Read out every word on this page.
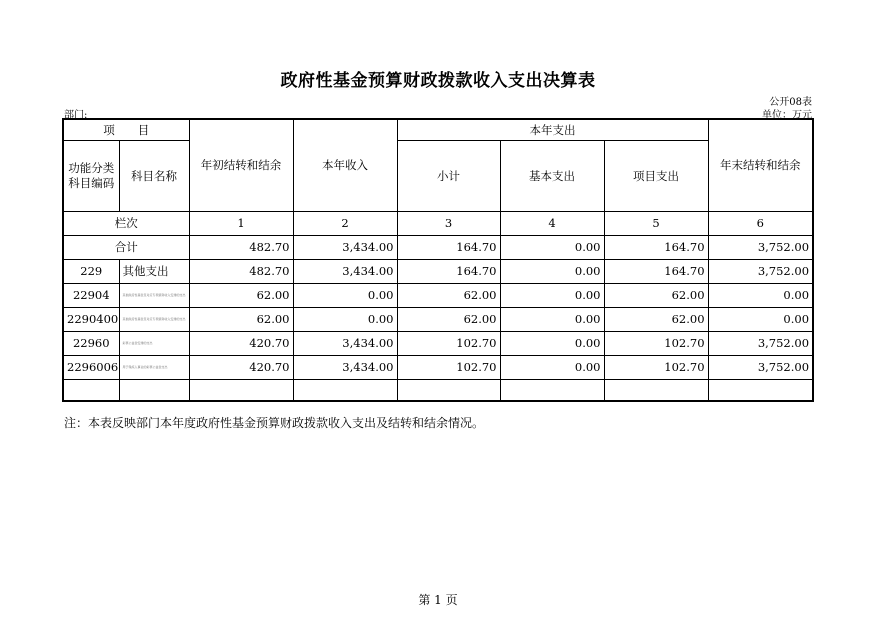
政府性基金预算财政拨款收入支出决算表
公开08表
部门:	单位：万元
项　　目		年初结转和结余	本年收入	本年支出			年末结转和结余
功能分类科目编码	科目名称			小计	基本支出	项目支出	

栏次		1	2	3	4	5	6
合计		482.70	3,434.00	164.70	0.00	164.70	3,752.00
229	其他支出	482.70	3,434.00	164.70	0.00	164.70	3,752.00
22904	其他政府性基金及对应专项债务收入安排的支出	62.00	0.00	62.00	0.00	62.00	0.00
2290400	其他政府性基金及对应专项债务收入安排的支出	62.00	0.00	62.00	0.00	62.00	0.00
22960	彩票公益金安排的支出	420.70	3,434.00	102.70	0.00	102.70	3,752.00
2296006	用于残疾人事业的彩票公益金支出	420.70	3,434.00	102.70	0.00	102.70	3,752.00

注：本表反映部门本年度政府性基金预算财政拨款收入支出及结转和结余情况。
第 1 页
